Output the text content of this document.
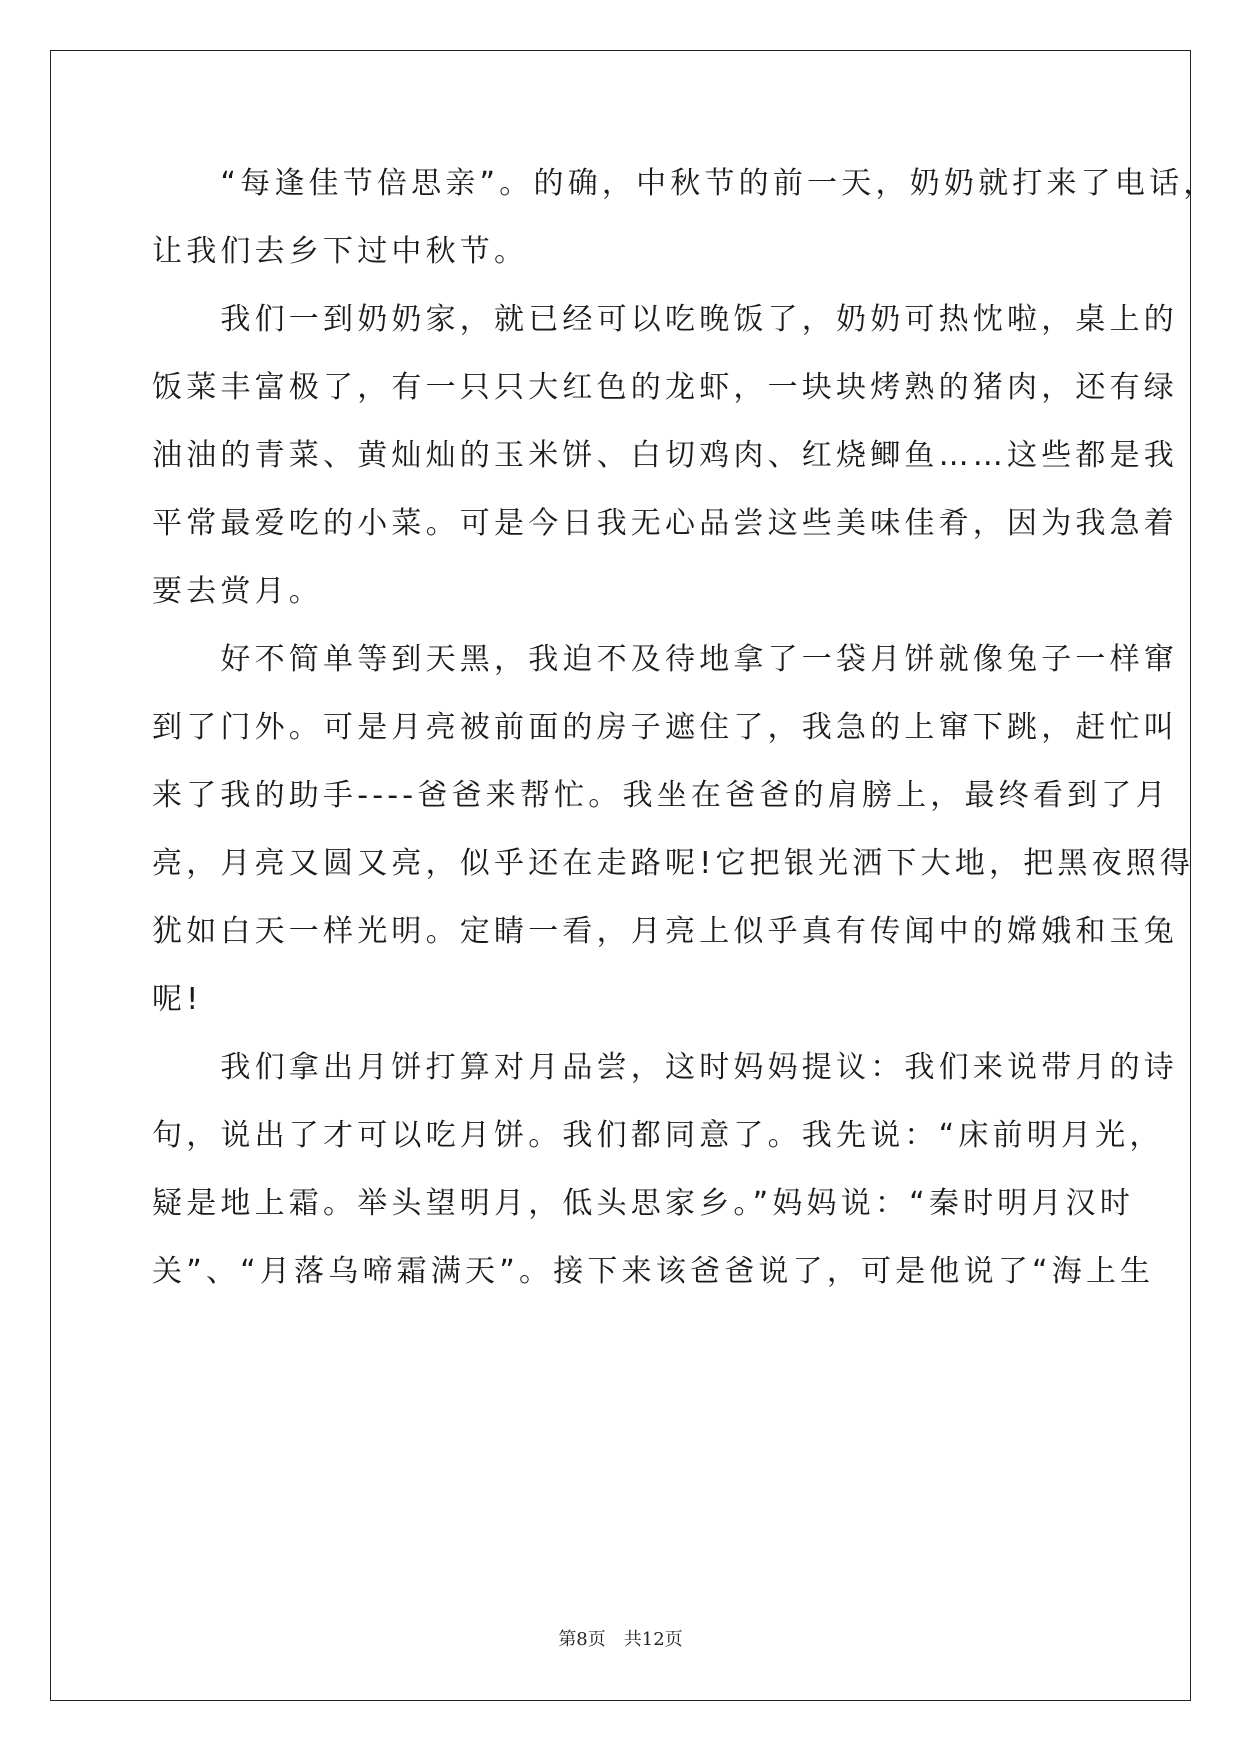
　　“每逢佳节倍思亲”。的确，中秋节的前一天，奶奶就打来了电话，
让我们去乡下过中秋节。
　　我们一到奶奶家，就已经可以吃晚饭了，奶奶可热忱啦，桌上的
饭菜丰富极了，有一只只大红色的龙虾，一块块烤熟的猪肉，还有绿
油油的青菜、黄灿灿的玉米饼、白切鸡肉、红烧鲫鱼……这些都是我
平常最爱吃的小菜。可是今日我无心品尝这些美味佳肴，因为我急着
要去赏月。
　　好不简单等到天黑，我迫不及待地拿了一袋月饼就像兔子一样窜
到了门外。可是月亮被前面的房子遮住了，我急的上窜下跳，赶忙叫
来了我的助手----爸爸来帮忙。我坐在爸爸的肩膀上，最终看到了月
亮，月亮又圆又亮，似乎还在走路呢!它把银光洒下大地，把黑夜照得
犹如白天一样光明。定睛一看，月亮上似乎真有传闻中的嫦娥和玉兔
呢!
　　我们拿出月饼打算对月品尝，这时妈妈提议：我们来说带月的诗
句，说出了才可以吃月饼。我们都同意了。我先说：“床前明月光，
疑是地上霜。举头望明月，低头思家乡。”妈妈说：“秦时明月汉时
关”、“月落乌啼霜满天”。接下来该爸爸说了，可是他说了“海上生
第8页　共12页
